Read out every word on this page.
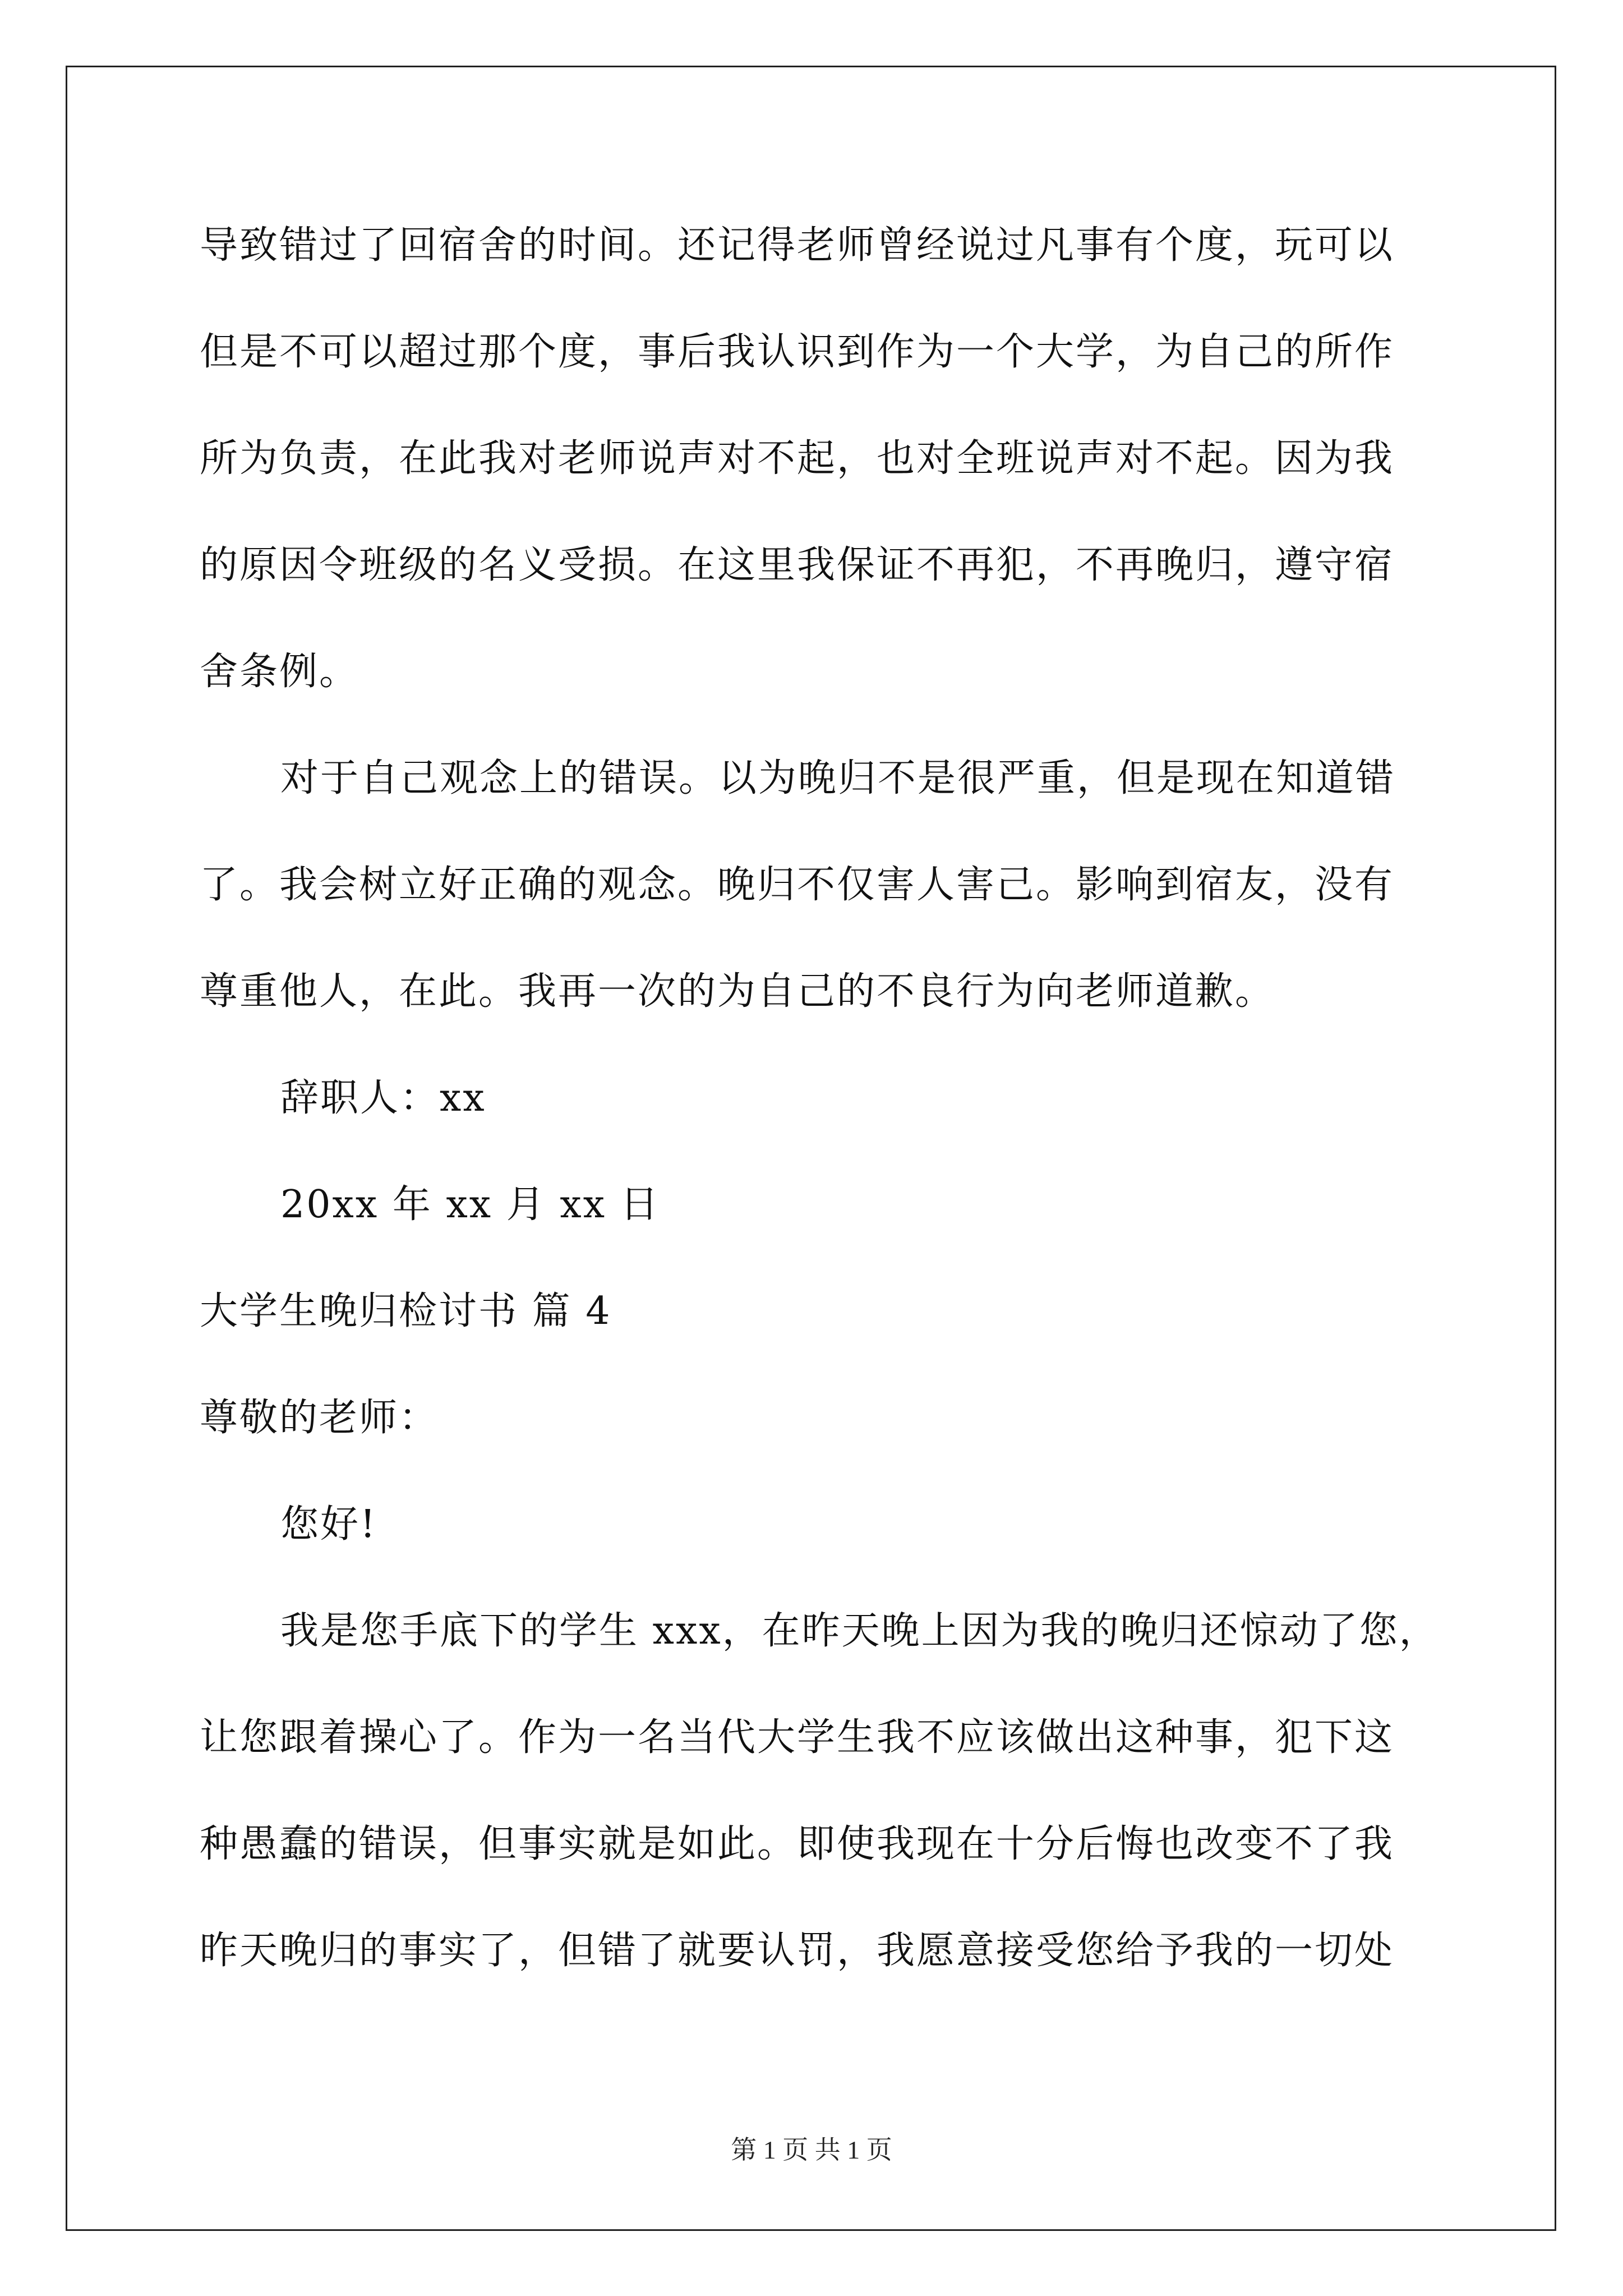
导致错过了回宿舍的时间。还记得老师曾经说过凡事有个度，玩可以
但是不可以超过那个度，事后我认识到作为一个大学，为自己的所作
所为负责，在此我对老师说声对不起，也对全班说声对不起。因为我
的原因令班级的名义受损。在这里我保证不再犯，不再晚归，遵守宿
舍条例。
对于自己观念上的错误。以为晚归不是很严重，但是现在知道错
了。我会树立好正确的观念。晚归不仅害人害己。影响到宿友，没有
尊重他人，在此。我再一次的为自己的不良行为向老师道歉。
辞职人：xx
20xx 年 xx 月 xx 日
大学生晚归检讨书 篇 4
尊敬的老师：
您好!
我是您手底下的学生 xxx，在昨天晚上因为我的晚归还惊动了您，
让您跟着操心了。作为一名当代大学生我不应该做出这种事，犯下这
种愚蠢的错误，但事实就是如此。即使我现在十分后悔也改变不了我
昨天晚归的事实了，但错了就要认罚，我愿意接受您给予我的一切处
第 1 页 共 1 页
